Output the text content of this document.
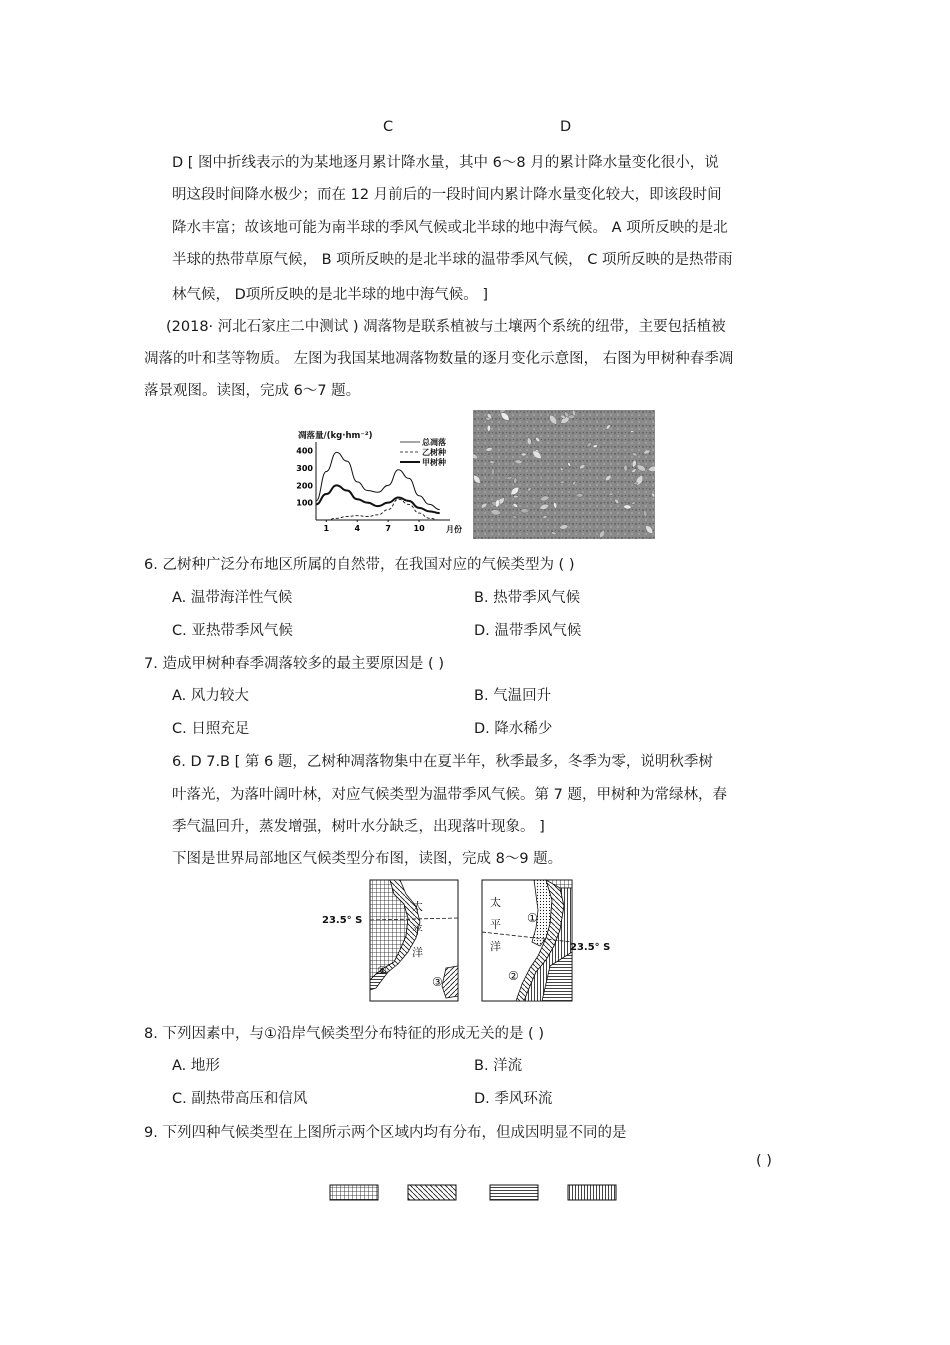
C	D
D [ 图中折线表示的为某地逐月累计降水量，其中 6～8 月的累计降水量变化很小，说
明这段时间降水极少；而在 12 月前后的一段时间内累计降水量变化较大，即该段时间
降水丰富；故该地可能为南半球的季风气候或北半球的地中海气候。 A 项所反映的是北
半球的热带草原气候， B 项所反映的是北半球的温带季风气候， C 项所反映的是热带雨
林气候， D项所反映的是北半球的地中海气候。 ]
(2018· 河北石家庄二中测试 ) 凋落物是联系植被与土壤两个系统的纽带，主要包括植被
凋落的叶和茎等物质。 左图为我国某地凋落物数量的逐月变化示意图， 右图为甲树种春季凋
落景观图。读图，完成 6～7 题。
凋落量/(kg·hm⁻²)
100
200
300
400
1	4	7	10	月份
总凋落
乙树种
甲树种
6. 乙树种广泛分布地区所属的自然带，在我国对应的气候类型为 ( )
A. 温带海洋性气候	B. 热带季风气候
C. 亚热带季风气候	D. 温带季风气候
7. 造成甲树种春季凋落较多的最主要原因是 ( )
A. 风力较大	B. 气温回升
C. 日照充足	D. 降水稀少
6. D 7.B [ 第 6 题，乙树种凋落物集中在夏半年，秋季最多，冬季为零，说明秋季树
叶落光，为落叶阔叶林，对应气候类型为温带季风气候。第 7 题，甲树种为常绿林，春
季气温回升，蒸发增强，树叶水分缺乏，出现落叶现象。 ]
下图是世界局部地区气候类型分布图，读图，完成 8～9 题。
23.5° S
太
平
洋
④
③
23.5° S
太
平
洋
①
②
8. 下列因素中，与①沿岸气候类型分布特征的形成无关的是 ( )
A. 地形	B. 洋流
C. 副热带高压和信风	D. 季风环流
9. 下列四种气候类型在上图所示两个区域内均有分布，但成因明显不同的是
( )
